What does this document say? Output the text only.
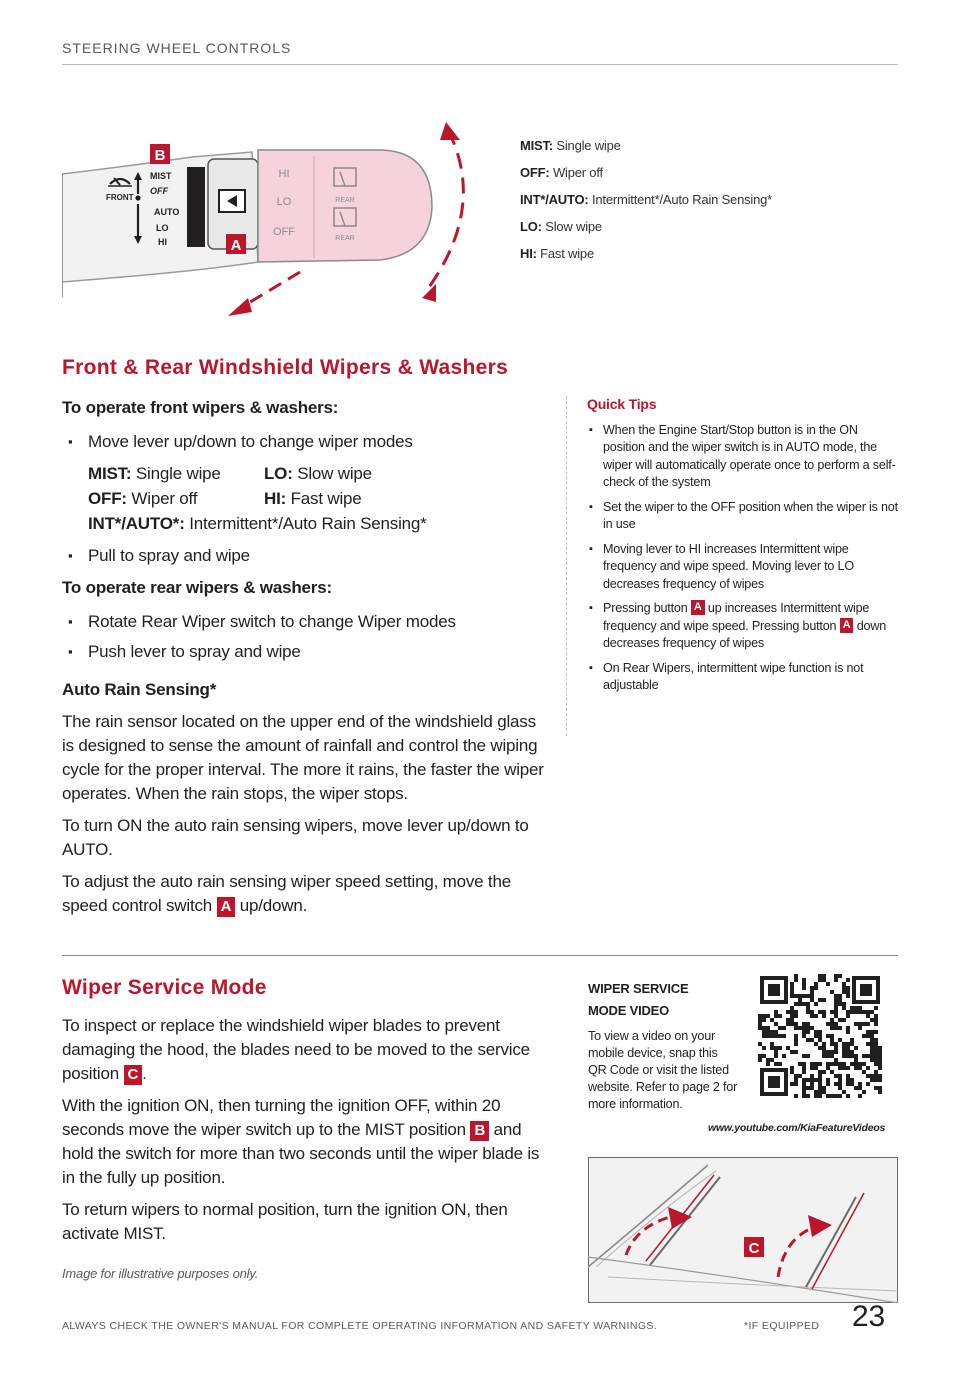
STEERING WHEEL CONTROLS
FRONT
MIST
OFF
AUTO
LO
HI
HI
LO
OFF
REAR
REAR
B
A
MIST: Single wipe
OFF: Wiper off
INT*/AUTO: Intermittent*/Auto Rain Sensing*
LO: Slow wipe
HI: Fast wipe
Front & Rear Windshield Wipers & Washers
To operate front wipers & washers:
▪ Move lever up/down to change wiper modes
MIST: Single wipe	LO: Slow wipe
OFF: Wiper off	HI: Fast wipe
INT*/AUTO*: Intermittent*/Auto Rain Sensing*
▪ Pull to spray and wipe
To operate rear wipers & washers:
▪ Rotate Rear Wiper switch to change Wiper modes
▪ Push lever to spray and wipe
Auto Rain Sensing*
The rain sensor located on the upper end of the windshield glass is designed to sense the amount of rainfall and control the wiping cycle for the proper interval. The more it rains, the faster the wiper operates. When the rain stops, the wiper stops.
To turn ON the auto rain sensing wipers, move lever up/down to AUTO.
To adjust the auto rain sensing wiper speed setting, move the speed control switch A up/down.
Quick Tips
▪ When the Engine Start/Stop button is in the ON position and the wiper switch is in AUTO mode, the wiper will automatically operate once to perform a self-check of the system
▪ Set the wiper to the OFF position when the wiper is not in use
▪ Moving lever to HI increases Intermittent wipe frequency and wipe speed. Moving lever to LO decreases frequency of wipes
▪ Pressing button A up increases Intermittent wipe frequency and wipe speed. Pressing button A down decreases frequency of wipes
▪ On Rear Wipers, intermittent wipe function is not adjustable
Wiper Service Mode
To inspect or replace the windshield wiper blades to prevent damaging the hood, the blades need to be moved to the service position C .
With the ignition ON, then turning the ignition OFF, within 20 seconds move the wiper switch up to the MIST position B and hold the switch for more than two seconds until the wiper blade is in the fully up position.
To return wipers to normal position, turn the ignition ON, then activate MIST.
Image for illustrative purposes only.
WIPER SERVICE
MODE VIDEO
To view a video on your mobile device, snap this QR Code or visit the listed website. Refer to page 2 for more information.
www.youtube.com/KiaFeatureVideos
C
ALWAYS CHECK THE OWNER'S MANUAL FOR COMPLETE OPERATING INFORMATION AND SAFETY WARNINGS.	*IF EQUIPPED 23
